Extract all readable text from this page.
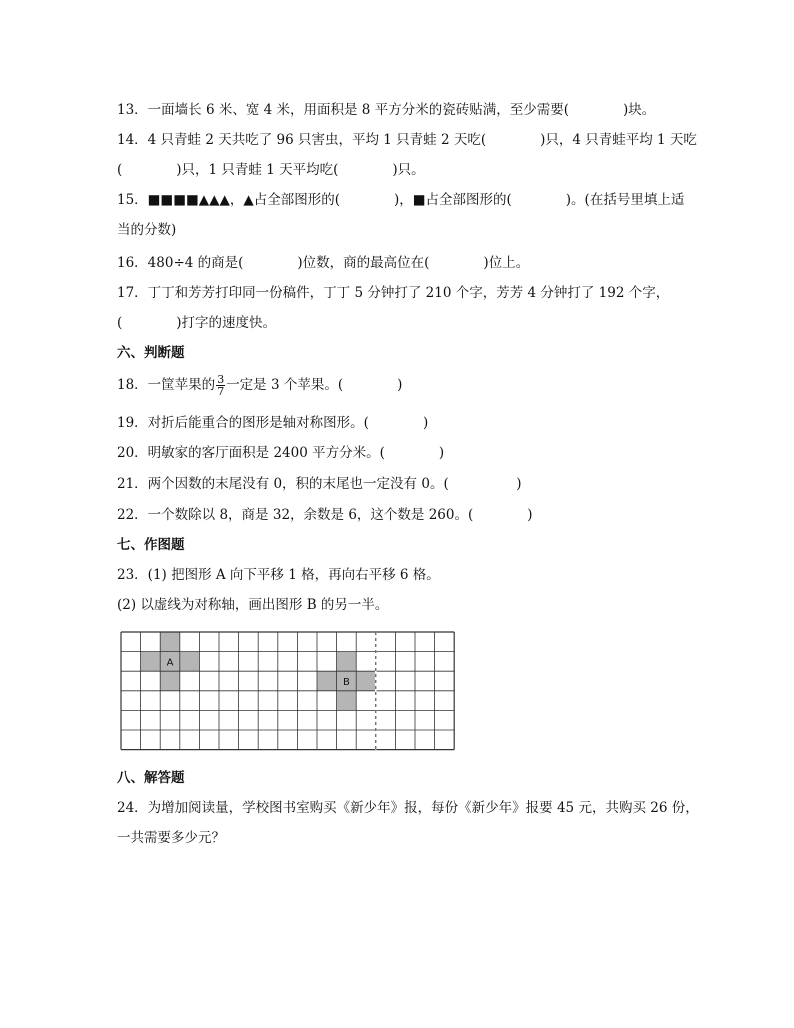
13．一面墙长 6 米、宽 4 米，用面积是 8 平方分米的瓷砖贴满，至少需要(　　　　)块。
14．4 只青蛙 2 天共吃了 96 只害虫，平均 1 只青蛙 2 天吃(　　　　)只，4 只青蛙平均 1 天吃
(　　　　)只，1 只青蛙 1 天平均吃(　　　　)只。
15．■■■■▲▲▲，▲占全部图形的(　　　　)，■占全部图形的(　　　　)。(在括号里填上适
当的分数)
16．480÷4 的商是(　　　　)位数，商的最高位在(　　　　)位上。
17．丁丁和芳芳打印同一份稿件，丁丁 5 分钟打了 210 个字，芳芳 4 分钟打了 192 个字，
(　　　　)打字的速度快。
六、判断题
18．一筐苹果的 $\frac{3}{7}$ 一定是 3 个苹果。(　　　　)
19．对折后能重合的图形是轴对称图形。(　　　　)
20．明敏家的客厅面积是 2400 平方分米。(　　　　)
21．两个因数的末尾没有 0，积的末尾也一定没有 0。(　　　　　)
22．一个数除以 8，商是 32，余数是 6，这个数是 260。(　　　　)
七、作图题
23．(1) 把图形 A 向下平移 1 格，再向右平移 6 格。
(2) 以虚线为对称轴，画出图形 B 的另一半。
A
B
八、解答题
24．为增加阅读量，学校图书室购买《新少年》报，每份《新少年》报要 45 元，共购买 26 份，
一共需要多少元？
